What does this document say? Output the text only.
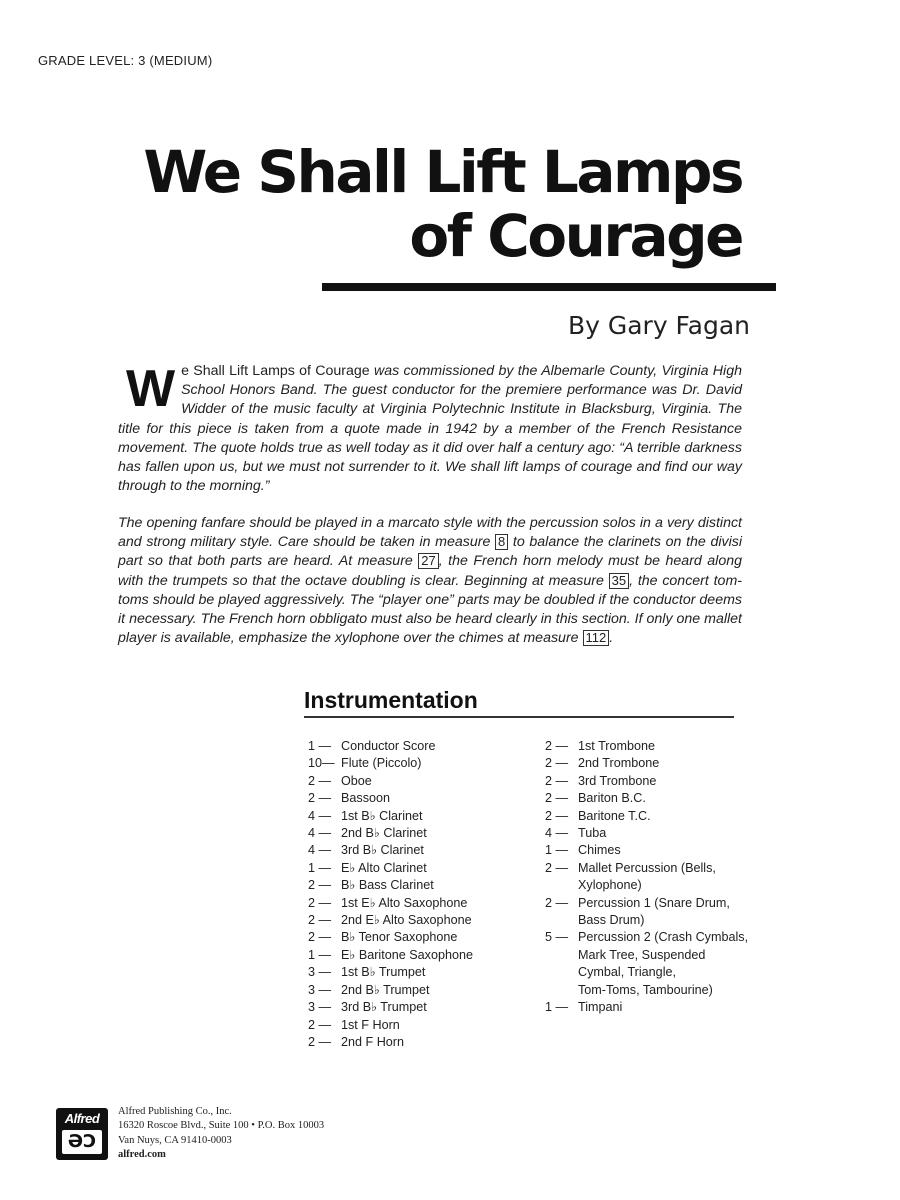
GRADE LEVEL: 3 (MEDIUM)
We Shall Lift Lamps
of Courage
By Gary Fagan

We Shall Lift Lamps of Courage was commissioned by the Albemarle County, Virginia High School Honors Band. The guest conductor for the premiere performance was Dr. David Widder of the music faculty at Virginia Polytechnic Institute in Blacksburg, Virginia. The title for this piece is taken from a quote made in 1942 by a member of the French Resistance movement. The quote holds true as well today as it did over half a century ago: “A terrible darkness has fallen upon us, but we must not surrender to it. We shall lift lamps of courage and find our way through to the morning.”

The opening fanfare should be played in a marcato style with the percussion solos in a very distinct and strong military style. Care should be taken in measure 8 to balance the clarinets on the divisi part so that both parts are heard. At measure 27 , the French horn melody must be heard along with the trumpets so that the octave doubling is clear. Beginning at measure 35 , the concert tom-toms should be played aggressively. The “player one” parts may be doubled if the conductor deems it necessary. The French horn obbligato must also be heard clearly in this section. If only one mallet player is available, emphasize the xylophone over the chimes at measure 112 .

Instrumentation
1 — Conductor Score
10— Flute (Piccolo)
2 — Oboe
2 — Bassoon
4 — 1st B♭ Clarinet
4 — 2nd B♭ Clarinet
4 — 3rd B♭ Clarinet
1 — E♭ Alto Clarinet
2 — B♭ Bass Clarinet
2 — 1st E♭ Alto Saxophone
2 — 2nd E♭ Alto Saxophone
2 — B♭ Tenor Saxophone
1 — E♭ Baritone Saxophone
3 — 1st B♭ Trumpet
3 — 2nd B♭ Trumpet
3 — 3rd B♭ Trumpet
2 — 1st F Horn
2 — 2nd F Horn
2 — 1st Trombone
2 — 2nd Trombone
2 — 3rd Trombone
2 — Bariton B.C.
2 — Baritone T.C.
4 — Tuba
1 — Chimes
2 — Mallet Percussion (Bells,
Xylophone)
2 — Percussion 1 (Snare Drum,
Bass Drum)
5 — Percussion 2 (Crash Cymbals,
Mark Tree, Suspended
Cymbal, Triangle,
Tom-Toms, Tambourine)
1 — Timpani
Alfred
ƏƆ
Alfred Publishing Co., Inc.
16320 Roscoe Blvd., Suite 100 • P.O. Box 10003
Van Nuys, CA 91410-0003
alfred.com
